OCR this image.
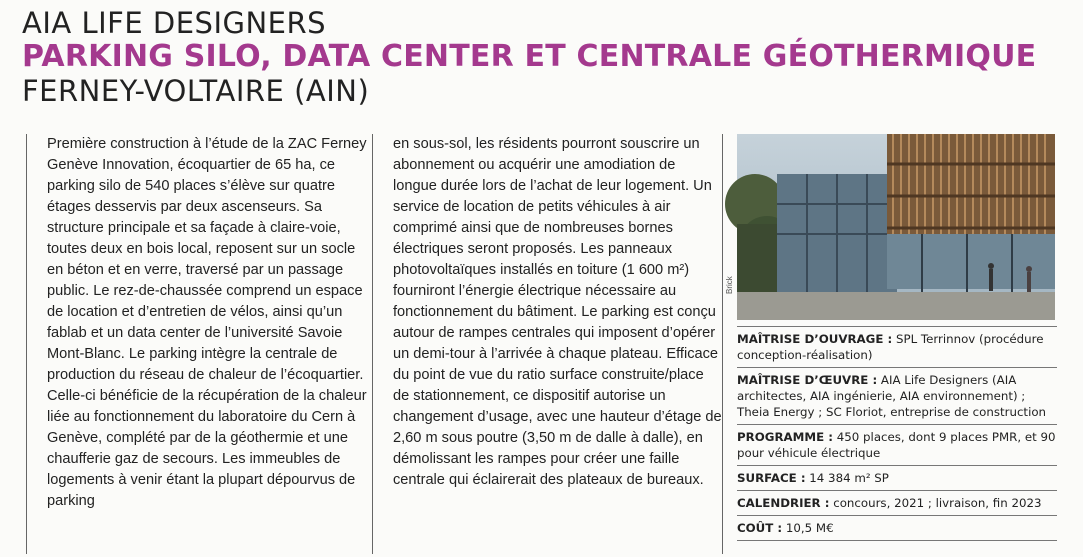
AIA LIFE DESIGNERS
PARKING SILO, DATA CENTER ET CENTRALE GÉOTHERMIQUE
FERNEY-VOLTAIRE (AIN)

Première construction à l’étude de la ZAC Ferney Genève Innovation, écoquartier de 65 ha, ce parking silo de 540 places s’élève sur quatre étages desservis par deux ascenseurs. Sa structure principale et sa façade à claire-voie, toutes deux en bois local, reposent sur un socle en béton et en verre, traversé par un passage public. Le rez-de-chaussée comprend un espace de location et d’entretien de vélos, ainsi qu’un fablab et un data center de l’université Savoie Mont-Blanc. Le parking intègre la centrale de production du réseau de chaleur de l’écoquartier. Celle-ci bénéficie de la récupération de la chaleur liée au fonctionnement du laboratoire du Cern à Genève, complété par de la géothermie et une chaufferie gaz de secours. Les immeubles de logements à venir étant la plupart dépourvus de parking

en sous-sol, les résidents pourront souscrire un abonnement ou acquérir une amodiation de longue durée lors de l’achat de leur logement. Un service de location de petits véhicules à air comprimé ainsi que de nombreuses bornes électriques seront proposés. Les panneaux photovoltaïques installés en toiture (1 600 m²) fourniront l’énergie électrique nécessaire au fonctionnement du bâtiment. Le parking est conçu autour de rampes centrales qui imposent d’opérer un demi-tour à l’arrivée à chaque plateau. Efficace du point de vue du ratio surface construite/place de stationnement, ce dispositif autorise un changement d’usage, avec une hauteur d’étage de 2,60 m sous poutre (3,50 m de dalle à dalle), en démolissant les rampes pour créer une faille centrale qui éclairerait des plateaux de bureaux.

Brick
MAÎTRISE D’OUVRAGE : SPL Terrinnov (procédure conception-réalisation)
MAÎTRISE D’ŒUVRE : AIA Life Designers (AIA architectes, AIA ingénierie, AIA environnement) ; Theia Energy ; SC Floriot, entreprise de construction
PROGRAMME : 450 places, dont 9 places PMR, et 90 pour véhicule électrique
SURFACE : 14 384 m² SP
CALENDRIER : concours, 2021 ; livraison, fin 2023
COÛT : 10,5 M€
